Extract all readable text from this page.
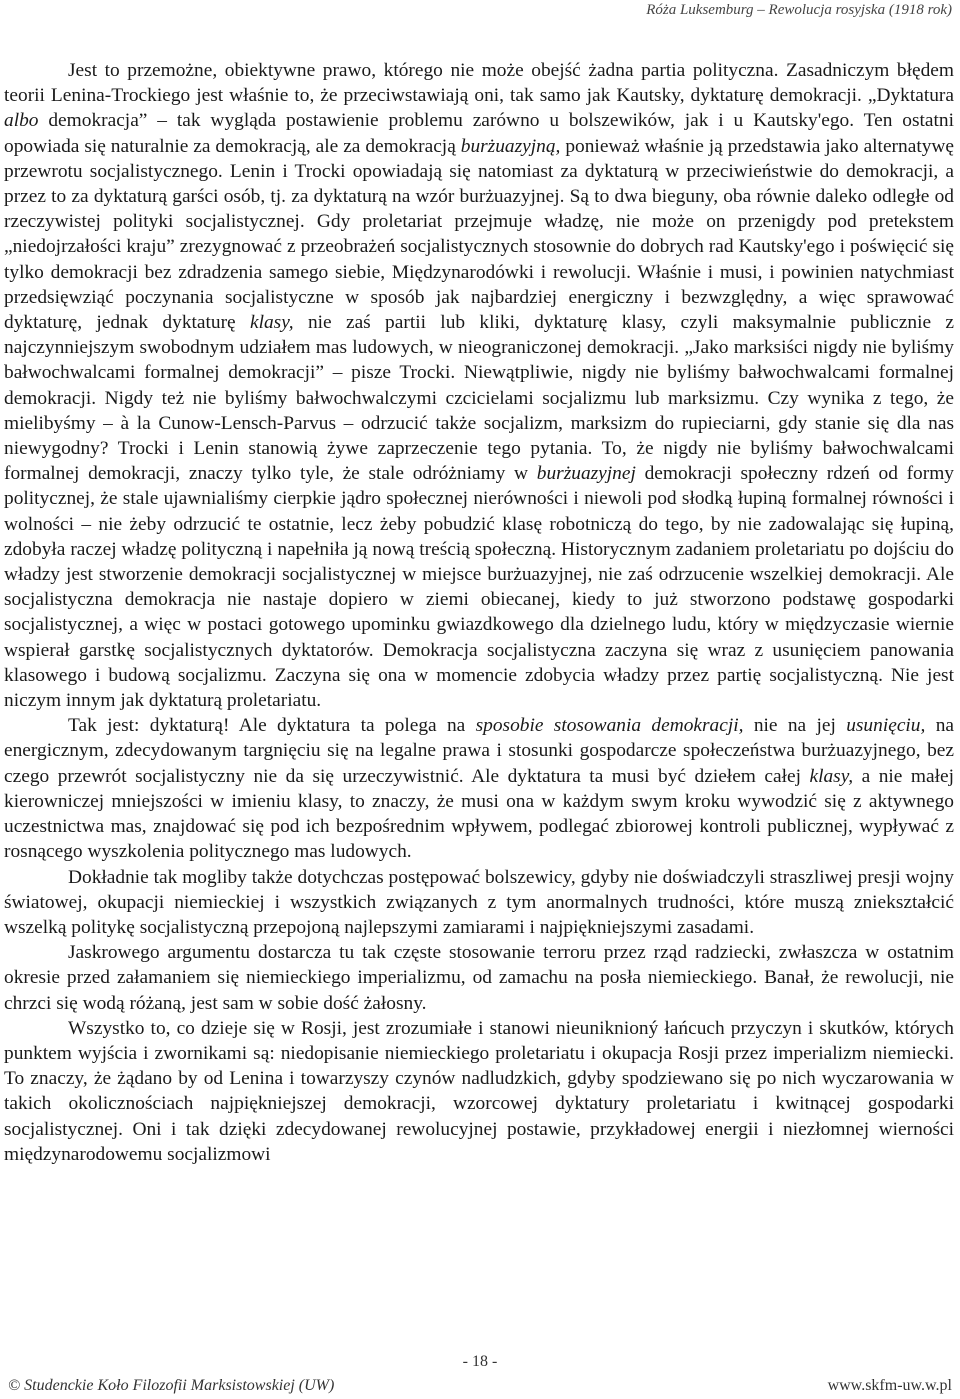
Róża Luksemburg – Rewolucja rosyjska (1918 rok)

Jest to przemożne, obiektywne prawo, którego nie może obejść żadna partia polityczna. Zasadniczym błędem teorii Lenina-Trockiego jest właśnie to, że przeciwstawiają oni, tak samo jak Kautsky, dyktaturę demokracji. „Dyktatura albo demokracja” – tak wygląda postawienie problemu zarówno u bolszewików, jak i u Kautsky'ego. Ten ostatni opowiada się naturalnie za demokracją, ale za demokracją burżuazyjną, ponieważ właśnie ją przedstawia jako alternatywę przewrotu socjalistycznego. Lenin i Trocki opowiadają się natomiast za dyktaturą w przeciwieństwie do demokracji, a przez to za dyktaturą garści osób, tj. za dyktaturą na wzór burżuazyjnej. Są to dwa bieguny, oba równie daleko odległe od rzeczywistej polityki socjalistycznej. Gdy proletariat przejmuje władzę, nie może on przenigdy pod pretekstem „niedojrzałości kraju” zrezygnować z przeobrażeń socjalistycznych stosownie do dobrych rad Kautsky'ego i poświęcić się tylko demokracji bez zdradzenia samego siebie, Międzynarodówki i rewolucji. Właśnie i musi, i powinien natychmiast przedsięwziąć poczynania socjalistyczne w sposób jak najbardziej energiczny i bezwzględny, a więc sprawować dyktaturę, jednak dyktaturę klasy, nie zaś partii lub kliki, dyktaturę klasy, czyli maksymalnie publicznie z najczynniejszym swobodnym udziałem mas ludowych, w nieograniczonej demokracji. „Jako marksiści nigdy nie byliśmy bałwochwalcami formalnej demokracji” – pisze Trocki. Niewątpliwie, nigdy nie byliśmy bałwochwalcami formalnej demokracji. Nigdy też nie byliśmy bałwochwalczymi czcicielami socjalizmu lub marksizmu. Czy wynika z tego, że mielibyśmy – à la Cunow-Lensch-Parvus – odrzucić także socjalizm, marksizm do rupieciarni, gdy stanie się dla nas niewygodny? Trocki i Lenin stanowią żywe zaprzeczenie tego pytania. To, że nigdy nie byliśmy bałwochwalcami formalnej demokracji, znaczy tylko tyle, że stale odróżniamy w burżuazyjnej demokracji społeczny rdzeń od formy politycznej, że stale ujawnialiśmy cierpkie jądro społecznej nierówności i niewoli pod słodką łupiną formalnej równości i wolności – nie żeby odrzucić te ostatnie, lecz żeby pobudzić klasę robotniczą do tego, by nie zadowalając się łupiną, zdobyła raczej władzę polityczną i napełniła ją nową treścią społeczną. Historycznym zadaniem proletariatu po dojściu do władzy jest stworzenie demokracji socjalistycznej w miejsce burżuazyjnej, nie zaś odrzucenie wszelkiej demokracji. Ale socjalistyczna demokracja nie nastaje dopiero w ziemi obiecanej, kiedy to już stworzono podstawę gospodarki socjalistycznej, a więc w postaci gotowego upominku gwiazdkowego dla dzielnego ludu, który w międzyczasie wiernie wspierał garstkę socjalistycznych dyktatorów. Demokracja socjalistyczna zaczyna się wraz z usunięciem panowania klasowego i budową socjalizmu. Zaczyna się ona w momencie zdobycia władzy przez partię socjalistyczną. Nie jest niczym innym jak dyktaturą proletariatu.

Tak jest: dyktaturą! Ale dyktatura ta polega na sposobie stosowania demokracji, nie na jej usunięciu, na energicznym, zdecydowanym targnięciu się na legalne prawa i stosunki gospodarcze społeczeństwa burżuazyjnego, bez czego przewrót socjalistyczny nie da się urzeczywistnić. Ale dyktatura ta musi być dziełem całej klasy, a nie małej kierowniczej mniejszości w imieniu klasy, to znaczy, że musi ona w każdym swym kroku wywodzić się z aktywnego uczestnictwa mas, znajdować się pod ich bezpośrednim wpływem, podlegać zbiorowej kontroli publicznej, wypływać z rosnącego wyszkolenia politycznego mas ludowych.

Dokładnie tak mogliby także dotychczas postępować bolszewicy, gdyby nie doświadczyli straszliwej presji wojny światowej, okupacji niemieckiej i wszystkich związanych z tym anormalnych trudności, które muszą zniekształcić wszelką politykę socjalistyczną przepojoną najlepszymi zamiarami i najpiękniejszymi zasadami.

Jaskrowego argumentu dostarcza tu tak częste stosowanie terroru przez rząd radziecki, zwłaszcza w ostatnim okresie przed załamaniem się niemieckiego imperializmu, od zamachu na posła niemieckiego. Banał, że rewolucji, nie chrzci się wodą różaną, jest sam w sobie dość żałosny.

Wszystko to, co dzieje się w Rosji, jest zrozumiałe i stanowi nieuniknioný łańcuch przyczyn i skutków, których punktem wyjścia i zwornikami są: niedopisanie niemieckiego proletariatu i okupacja Rosji przez imperializm niemiecki. To znaczy, że żądano by od Lenina i towarzyszy czynów nadludzkich, gdyby spodziewano się po nich wyczarowania w takich okolicznościach najpiękniejszej demokracji, wzorcowej dyktatury proletariatu i kwitnącej gospodarki socjalistycznej. Oni i tak dzięki zdecydowanej rewolucyjnej postawie, przykładowej energii i niezłomnej wierności międzynarodowemu socjalizmowi

- 18 -
© Studenckie Koło Filozofii Marksistowskiej (UW)	www.skfm-uw.w.pl
